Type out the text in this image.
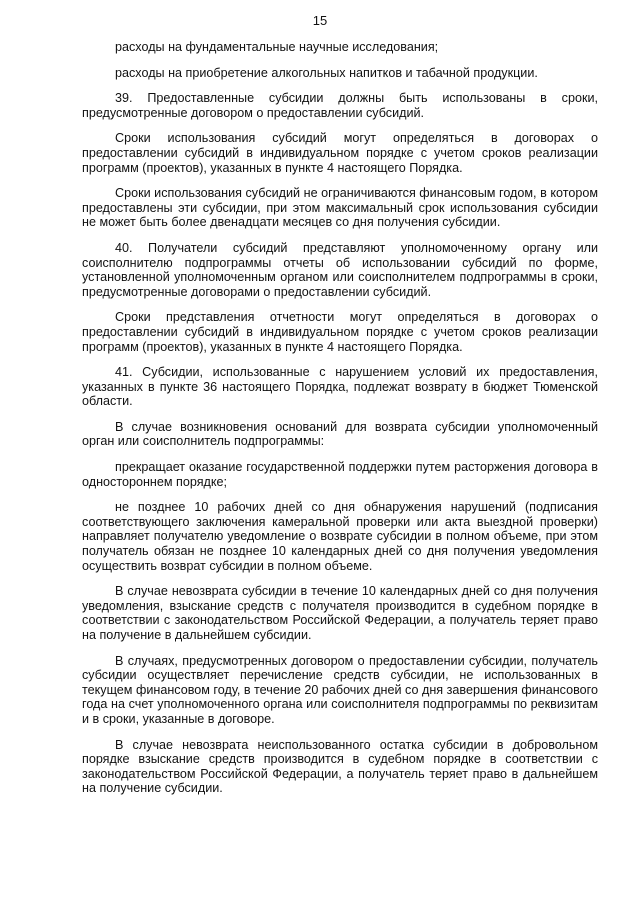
15

расходы на фундаментальные научные исследования;

расходы на приобретение алкогольных напитков и табачной продукции.

39. Предоставленные субсидии должны быть использованы в сроки, предусмотренные договором о предоставлении субсидий.

Сроки использования субсидий могут определяться в договорах о предоставлении субсидий в индивидуальном порядке с учетом сроков реализации программ (проектов), указанных в пункте 4 настоящего Порядка.

Сроки использования субсидий не ограничиваются финансовым годом, в котором предоставлены эти субсидии, при этом максимальный срок использования субсидии не может быть более двенадцати месяцев со дня получения субсидии.

40. Получатели субсидий представляют уполномоченному органу или соисполнителю подпрограммы отчеты об использовании субсидий по форме, установленной уполномоченным органом или соисполнителем подпрограммы в сроки, предусмотренные договорами о предоставлении субсидий.

Сроки представления отчетности могут определяться в договорах о предоставлении субсидий в индивидуальном порядке с учетом сроков реализации программ (проектов), указанных в пункте 4 настоящего Порядка.

41. Субсидии, использованные с нарушением условий их предоставления, указанных в пункте 36 настоящего Порядка, подлежат возврату в бюджет Тюменской области.

В случае возникновения оснований для возврата субсидии уполномоченный орган или соисполнитель подпрограммы:

прекращает оказание государственной поддержки путем расторжения договора в одностороннем порядке;

не позднее 10 рабочих дней со дня обнаружения нарушений (подписания соответствующего заключения камеральной проверки или акта выездной проверки) направляет получателю уведомление о возврате субсидии в полном объеме, при этом получатель обязан не позднее 10 календарных дней со дня получения уведомления осуществить возврат субсидии в полном объеме.

В случае невозврата субсидии в течение 10 календарных дней со дня получения уведомления, взыскание средств с получателя производится в судебном порядке в соответствии с законодательством Российской Федерации, а получатель теряет право на получение в дальнейшем субсидии.

В случаях, предусмотренных договором о предоставлении субсидии, получатель субсидии осуществляет перечисление средств субсидии, не использованных в текущем финансовом году, в течение 20 рабочих дней со дня завершения финансового года на счет уполномоченного органа или соисполнителя подпрограммы по реквизитам и в сроки, указанные в договоре.

В случае невозврата неиспользованного остатка субсидии в добровольном порядке взыскание средств производится в судебном порядке в соответствии с законодательством Российской Федерации, а получатель теряет право в дальнейшем на получение субсидии.
